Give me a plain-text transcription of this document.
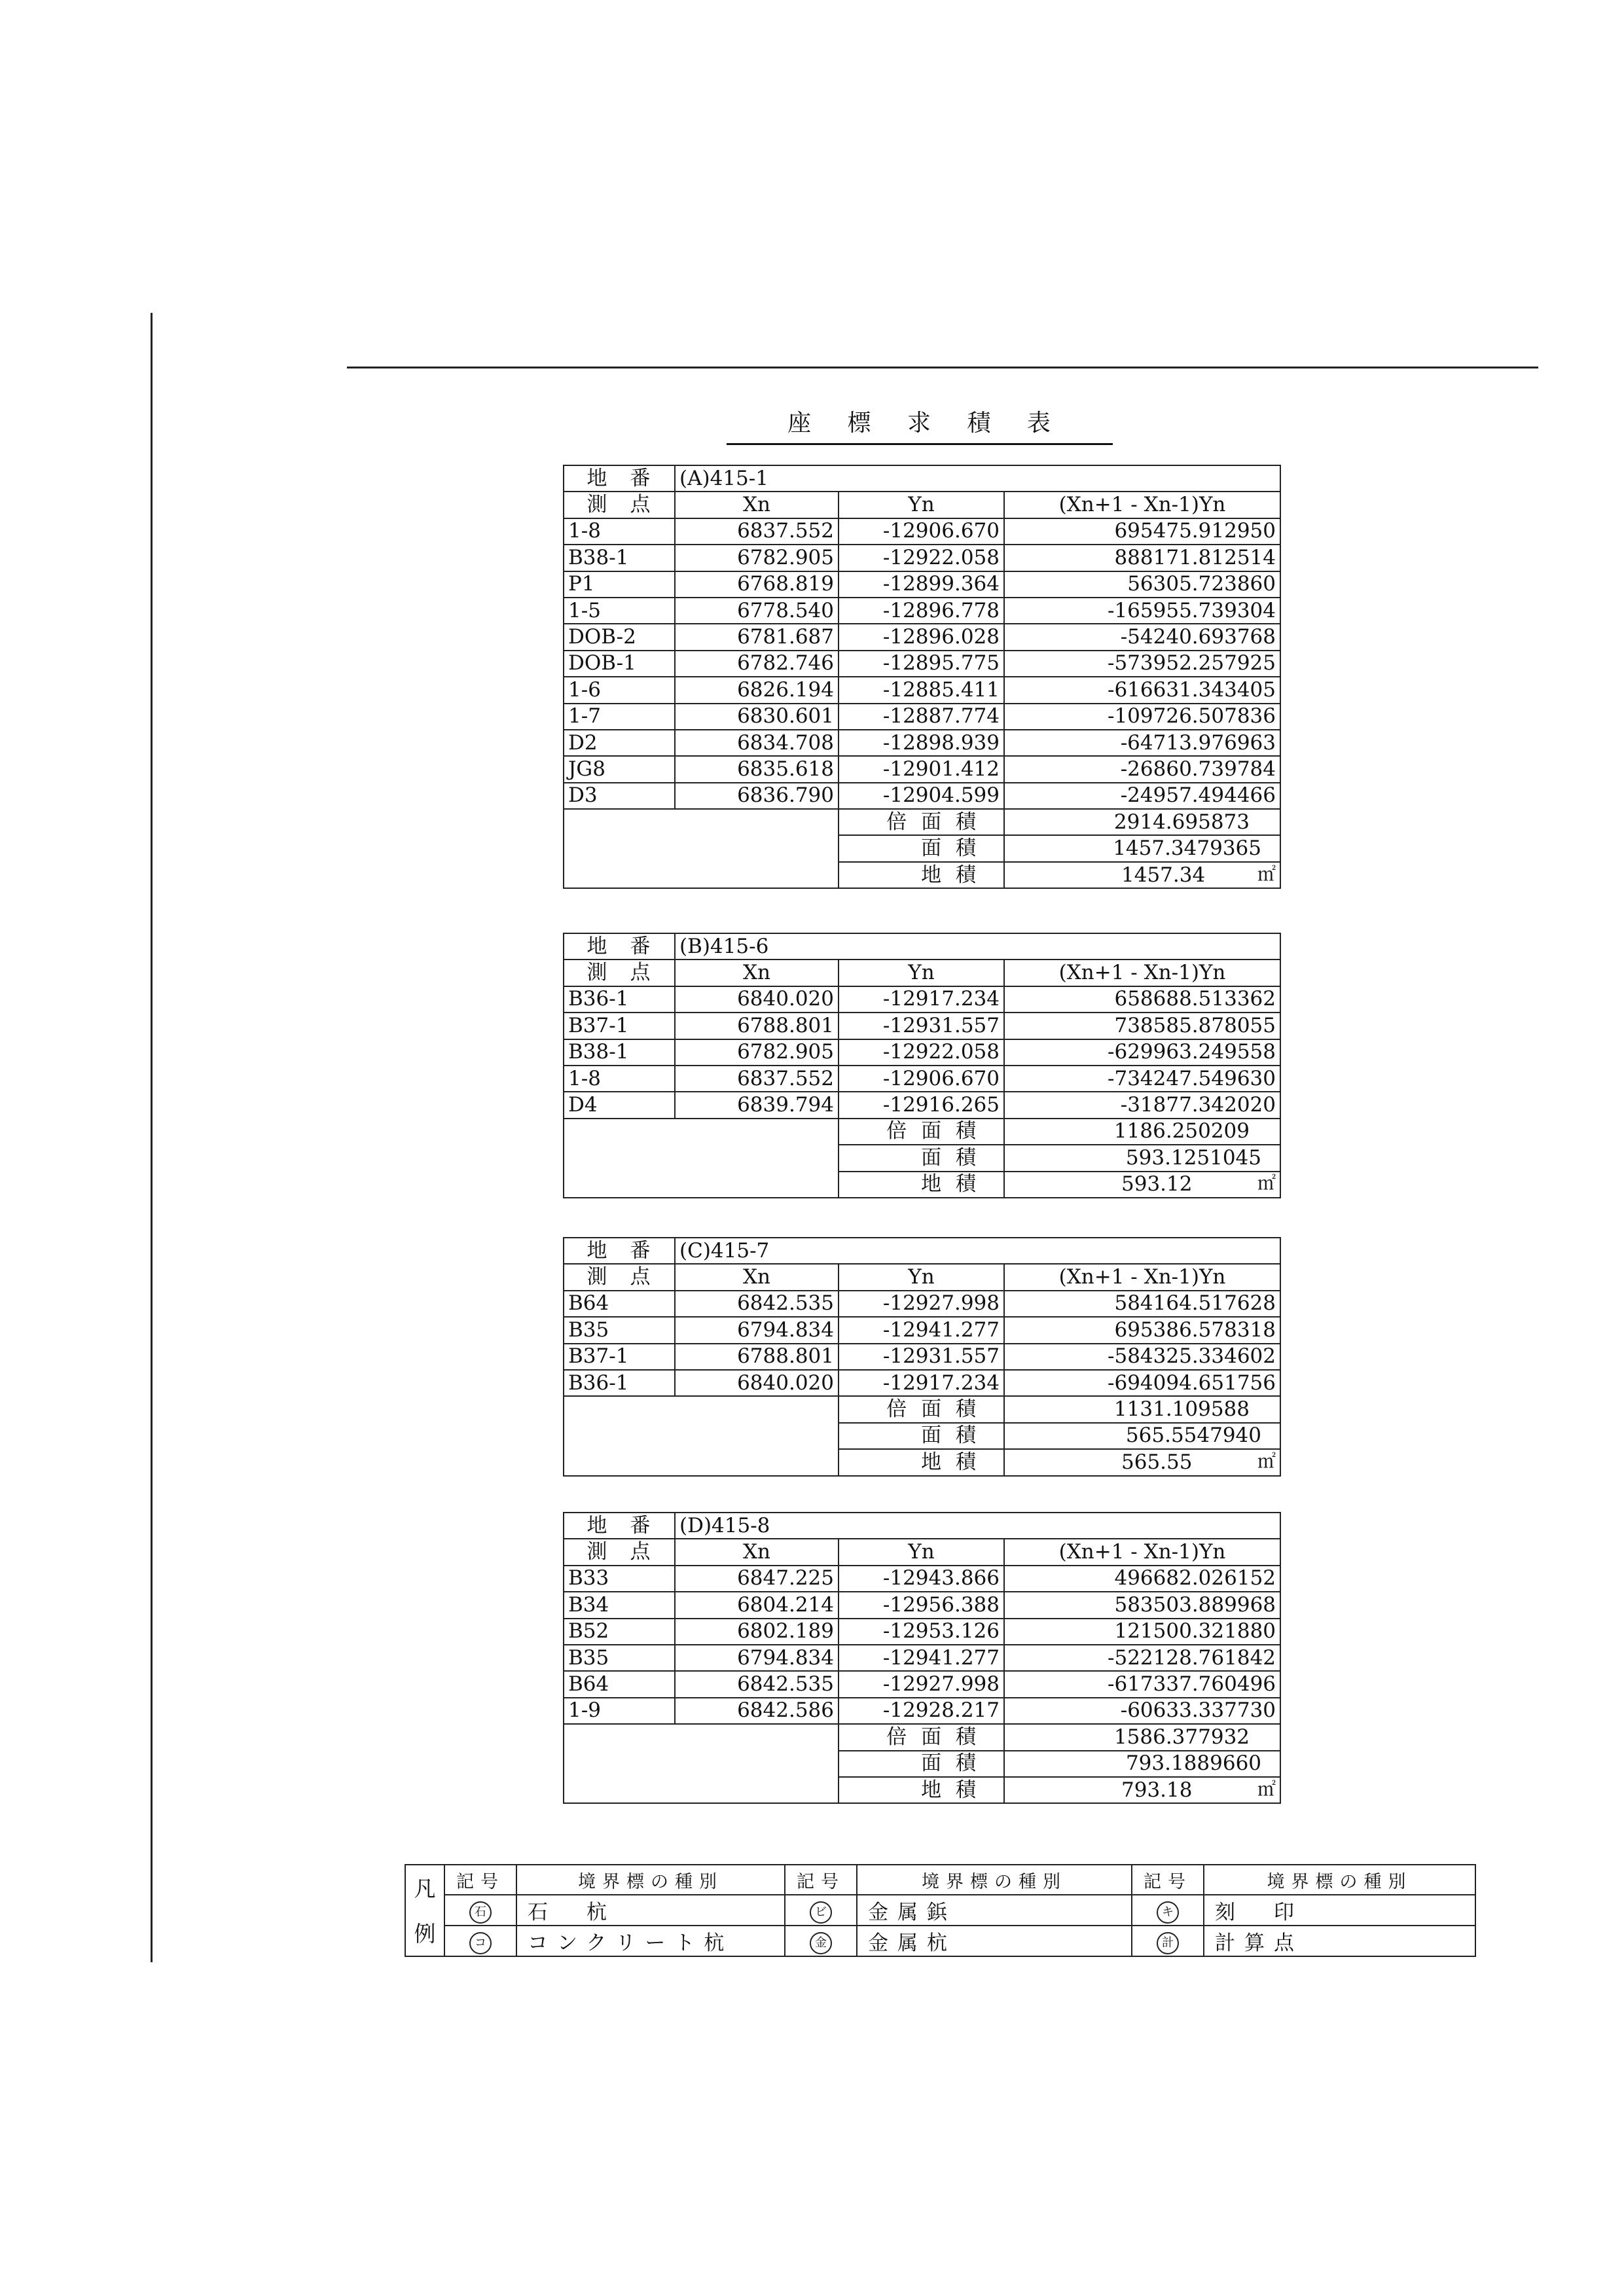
座 標 求 積 表
地　番	(A)415-1		
測　点	Xn	Yn	(Xn+1 - Xn-1)Yn
1-8	6837.552	-12906.670	695475.912950
B38-1	6782.905	-12922.058	888171.812514
P1	6768.819	-12899.364	56305.723860
1-5	6778.540	-12896.778	-165955.739304
DOB-2	6781.687	-12896.028	-54240.693768
DOB-1	6782.746	-12895.775	-573952.257925
1-6	6826.194	-12885.411	-616631.343405
1-7	6830.601	-12887.774	-109726.507836
D2	6834.708	-12898.939	-64713.976963
JG8	6835.618	-12901.412	-26860.739784
D3	6836.790	-12904.599	-24957.494466
		倍 面 積	2914.695873
		面 積	1457.3479365
		地 積	1457.34 ㎡
地　番	(B)415-6		
測　点	Xn	Yn	(Xn+1 - Xn-1)Yn
B36-1	6840.020	-12917.234	658688.513362
B37-1	6788.801	-12931.557	738585.878055
B38-1	6782.905	-12922.058	-629963.249558
1-8	6837.552	-12906.670	-734247.549630
D4	6839.794	-12916.265	-31877.342020
		倍 面 積	1186.250209
		面 積	593.1251045
		地 積	593.12 ㎡
地　番	(C)415-7		
測　点	Xn	Yn	(Xn+1 - Xn-1)Yn
B64	6842.535	-12927.998	584164.517628
B35	6794.834	-12941.277	695386.578318
B37-1	6788.801	-12931.557	-584325.334602
B36-1	6840.020	-12917.234	-694094.651756
		倍 面 積	1131.109588
		面 積	565.5547940
		地 積	565.55 ㎡
地　番	(D)415-8		
測　点	Xn	Yn	(Xn+1 - Xn-1)Yn
B33	6847.225	-12943.866	496682.026152
B34	6804.214	-12956.388	583503.889968
B52	6802.189	-12953.126	121500.321880
B35	6794.834	-12941.277	-522128.761842
B64	6842.535	-12927.998	-617337.760496
1-9	6842.586	-12928.217	-60633.337730
		倍 面 積	1586.377932
		面 積	793.1889660
		地 積	793.18 ㎡
凡
例	記号	境界標の種別	記号	境界標の種別	記号	境界標の種別
	石	石　杭	ビ	金属鋲	キ	刻　印
	コ	コンクリート杭	金	金属杭	計	計算点
